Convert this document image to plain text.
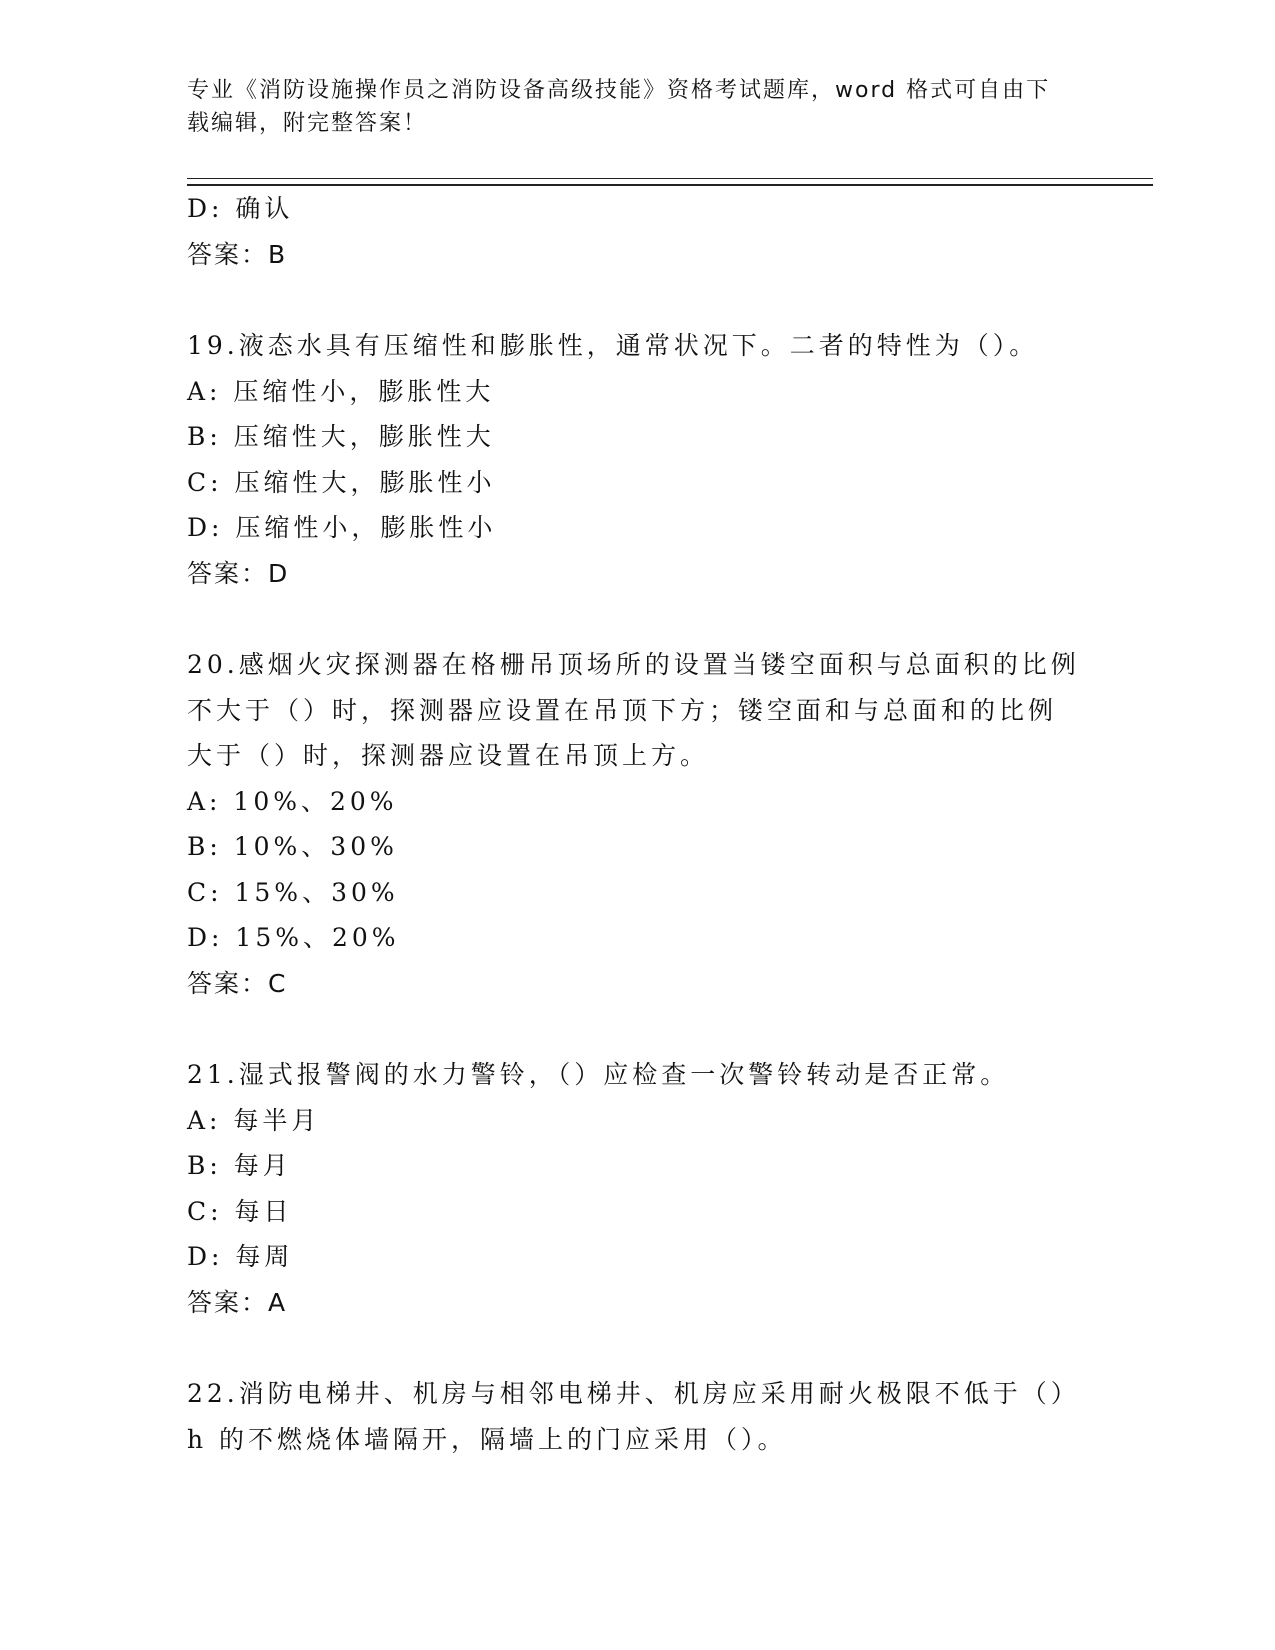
专业《消防设施操作员之消防设备高级技能》资格考试题库，word 格式可自由下
载编辑，附完整答案！
D: 确认
答案：B
19.液态水具有压缩性和膨胀性，通常状况下。二者的特性为（）。
A: 压缩性小，膨胀性大
B: 压缩性大，膨胀性大
C: 压缩性大，膨胀性小
D: 压缩性小，膨胀性小
答案：D
20.感烟火灾探测器在格栅吊顶场所的设置当镂空面积与总面积的比例
不大于（）时，探测器应设置在吊顶下方；镂空面和与总面和的比例
大于（）时，探测器应设置在吊顶上方。
A: 10%、20%
B: 10%、30%
C: 15%、30%
D: 15%、20%
答案：C
21.湿式报警阀的水力警铃，（）应检查一次警铃转动是否正常。
A: 每半月
B: 每月
C: 每日
D: 每周
答案：A
22.消防电梯井、机房与相邻电梯井、机房应采用耐火极限不低于（）
h 的不燃烧体墙隔开，隔墙上的门应采用（）。
